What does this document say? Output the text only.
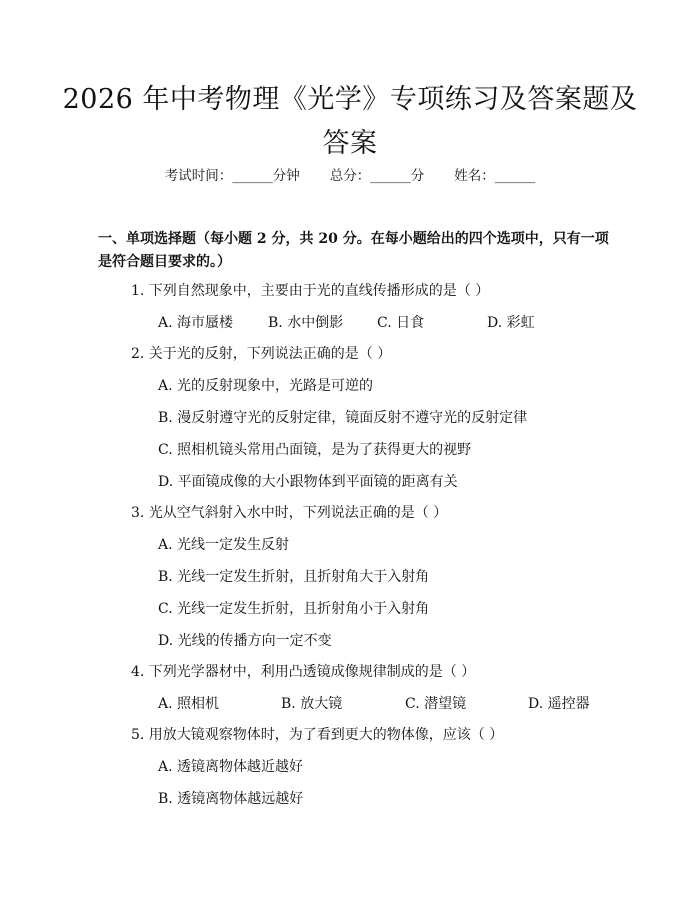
2026 年中考物理《光学》专项练习及答案题及答案
考试时间：______分钟 总分：______分 姓名：______
一、单项选择题（每小题 2 分，共 20 分。在每小题给出的四个选项中，只有一项是符合题目要求的。）
1. 下列自然现象中，主要由于光的直线传播形成的是（ ）
A. 海市蜃楼 B. 水中倒影 C. 日食	D. 彩虹
2. 关于光的反射，下列说法正确的是（ ）
A. 光的反射现象中，光路是可逆的
B. 漫反射遵守光的反射定律，镜面反射不遵守光的反射定律
C. 照相机镜头常用凸面镜，是为了获得更大的视野
D. 平面镜成像的大小跟物体到平面镜的距离有关
3. 光从空气斜射入水中时，下列说法正确的是（ ）
A. 光线一定发生反射
B. 光线一定发生折射，且折射角大于入射角
C. 光线一定发生折射，且折射角小于入射角
D. 光线的传播方向一定不变
4. 下列光学器材中，利用凸透镜成像规律制成的是（ ）
A. 照相机	B. 放大镜	C. 潜望镜	D. 遥控器
5. 用放大镜观察物体时，为了看到更大的物体像，应该（ ）
A. 透镜离物体越近越好
B. 透镜离物体越远越好
